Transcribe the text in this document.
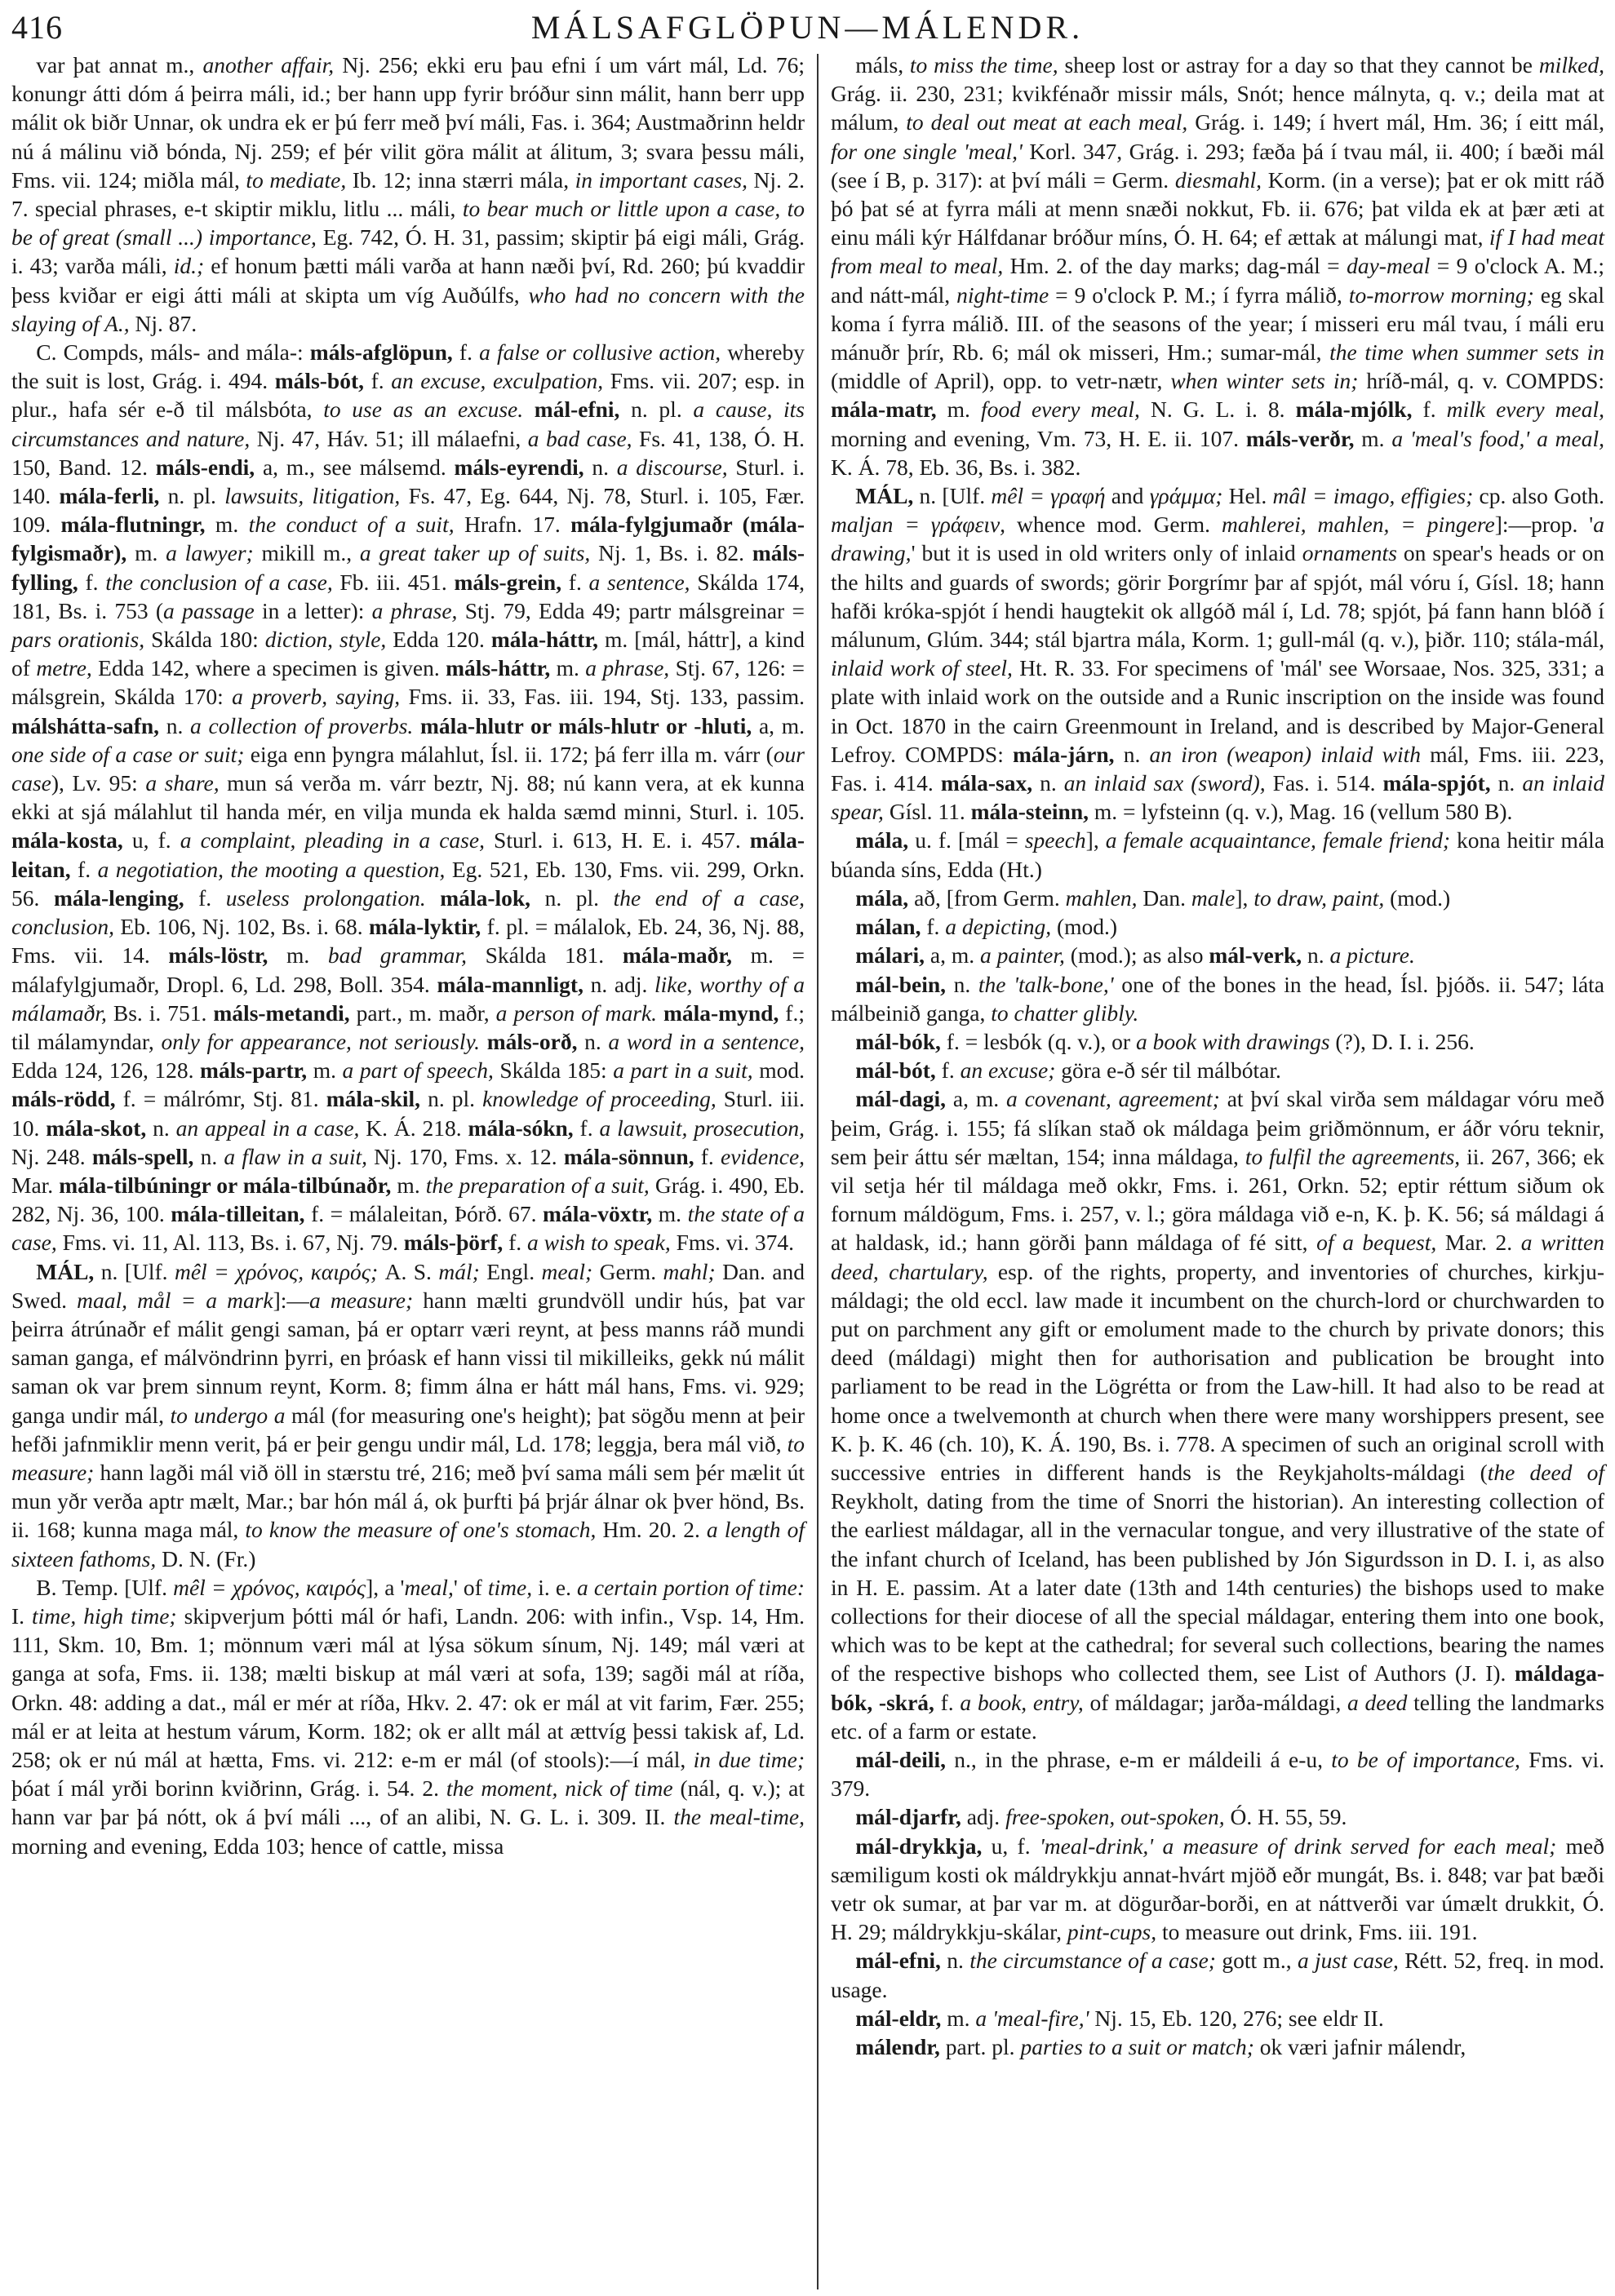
416	MÁLSAFGLÖPUN—MÁLENDR.

var þat annat m., another affair, Nj. 256; ekki eru þau efni í um várt mál, Ld. 76; konungr átti dóm á þeirra máli, id.; ber hann upp fyrir bróður sinn málit, hann berr upp málit ok biðr Unnar, ok undra ek er þú ferr með því máli, Fas. i. 364; Austmaðrinn heldr nú á málinu við bónda, Nj. 259; ef þér vilit göra málit at álitum, 3; svara þessu máli, Fms. vii. 124; miðla mál, to mediate, Ib. 12; inna stærri mála, in important cases, Nj. 2. 7. special phrases, e-t skiptir miklu, litlu ... máli, to bear much or little upon a case, to be of great (small ...) importance, Eg. 742, Ó. H. 31, passim; skiptir þá eigi máli, Grág. i. 43; varða máli, id.; ef honum þætti máli varða at hann næði því, Rd. 260; þú kvaddir þess kviðar er eigi átti máli at skipta um víg Auðúlfs, who had no concern with the slaying of A., Nj. 87.

C. Compds, máls- and mála-: máls-afglöpun, f. a false or collusive action, whereby the suit is lost, Grág. i. 494. máls-bót, f. an excuse, exculpation, Fms. vii. 207; esp. in plur., hafa sér e-ð til málsbóta, to use as an excuse. mál-efni, n. pl. a cause, its circumstances and nature, Nj. 47, Háv. 51; ill málaefni, a bad case, Fs. 41, 138, Ó. H. 150, Band. 12. máls-endi, a, m., see málsemd. máls-eyrendi, n. a discourse, Sturl. i. 140. mála-ferli, n. pl. lawsuits, litigation, Fs. 47, Eg. 644, Nj. 78, Sturl. i. 105, Fær. 109. mála-flutningr, m. the conduct of a suit, Hrafn. 17. mála-fylgjumaðr (mála-fylgismaðr), m. a lawyer; mikill m., a great taker up of suits, Nj. 1, Bs. i. 82. máls-fylling, f. the conclusion of a case, Fb. iii. 451. máls-grein, f. a sentence, Skálda 174, 181, Bs. i. 753 (a passage in a letter): a phrase, Stj. 79, Edda 49; partr málsgreinar = pars orationis, Skálda 180: diction, style, Edda 120. mála-háttr, m. [mál, háttr], a kind of metre, Edda 142, where a specimen is given. máls-háttr, m. a phrase, Stj. 67, 126: = málsgrein, Skálda 170: a proverb, saying, Fms. ii. 33, Fas. iii. 194, Stj. 133, passim. málshátta-safn, n. a collection of proverbs. mála-hlutr or máls-hlutr or -hluti, a, m. one side of a case or suit; eiga enn þyngra málahlut, Ísl. ii. 172; þá ferr illa m. várr (our case), Lv. 95: a share, mun sá verða m. várr beztr, Nj. 88; nú kann vera, at ek kunna ekki at sjá málahlut til handa mér, en vilja munda ek halda sæmd minni, Sturl. i. 105. mála-kosta, u, f. a complaint, pleading in a case, Sturl. i. 613, H. E. i. 457. mála-leitan, f. a negotiation, the mooting a question, Eg. 521, Eb. 130, Fms. vii. 299, Orkn. 56. mála-lenging, f. useless prolongation. mála-lok, n. pl. the end of a case, conclusion, Eb. 106, Nj. 102, Bs. i. 68. mála-lyktir, f. pl. = málalok, Eb. 24, 36, Nj. 88, Fms. vii. 14. máls-löstr, m. bad grammar, Skálda 181. mála-maðr, m. = málafylgjumaðr, Dropl. 6, Ld. 298, Boll. 354. mála-mannligt, n. adj. like, worthy of a málamaðr, Bs. i. 751. máls-metandi, part., m. maðr, a person of mark. mála-mynd, f.; til málamyndar, only for appearance, not seriously. máls-orð, n. a word in a sentence, Edda 124, 126, 128. máls-partr, m. a part of speech, Skálda 185: a part in a suit, mod. máls-rödd, f. = málrómr, Stj. 81. mála-skil, n. pl. knowledge of proceeding, Sturl. iii. 10. mála-skot, n. an appeal in a case, K. Á. 218. mála-sókn, f. a lawsuit, prosecution, Nj. 248. máls-spell, n. a flaw in a suit, Nj. 170, Fms. x. 12. mála-sönnun, f. evidence, Mar. mála-tilbúningr or mála-tilbúnaðr, m. the preparation of a suit, Grág. i. 490, Eb. 282, Nj. 36, 100. mála-tilleitan, f. = málaleitan, Þórð. 67. mála-vöxtr, m. the state of a case, Fms. vi. 11, Al. 113, Bs. i. 67, Nj. 79. máls-þörf, f. a wish to speak, Fms. vi. 374.

MÁL, n. [Ulf. mêl = χρόνος, καιρός; A. S. mál; Engl. meal; Germ. mahl; Dan. and Swed. maal, mål = a mark]:—a measure; hann mælti grundvöll undir hús, þat var þeirra átrúnaðr ef málit gengi saman, þá er optarr væri reynt, at þess manns ráð mundi saman ganga, ef málvöndrinn þyrri, en þróask ef hann vissi til mikilleiks, gekk nú málit saman ok var þrem sinnum reynt, Korm. 8; fimm álna er hátt mál hans, Fms. vi. 929; ganga undir mál, to undergo a mál (for measuring one's height); þat sögðu menn at þeir hefði jafnmiklir menn verit, þá er þeir gengu undir mál, Ld. 178; leggja, bera mál við, to measure; hann lagði mál við öll in stærstu tré, 216; með því sama máli sem þér mælit út mun yðr verða aptr mælt, Mar.; bar hón mál á, ok þurfti þá þrjár álnar ok þver hönd, Bs. ii. 168; kunna maga mál, to know the measure of one's stomach, Hm. 20. 2. a length of sixteen fathoms, D. N. (Fr.)

B. Temp. [Ulf. mêl = χρόνος, καιρός], a 'meal,' of time, i. e. a certain portion of time: I. time, high time; skipverjum þótti mál ór hafi, Landn. 206: with infin., Vsp. 14, Hm. 111, Skm. 10, Bm. 1; mönnum væri mál at lýsa sökum sínum, Nj. 149; mál væri at ganga at sofa, Fms. ii. 138; mælti biskup at mál væri at sofa, 139; sagði mál at ríða, Orkn. 48: adding a dat., mál er mér at ríða, Hkv. 2. 47: ok er mál at vit farim, Fær. 255; mál er at leita at hestum várum, Korm. 182; ok er allt mál at ættvíg þessi takisk af, Ld. 258; ok er nú mál at hætta, Fms. vi. 212: e-m er mál (of stools):—í mál, in due time; þóat í mál yrði borinn kviðrinn, Grág. i. 54. 2. the moment, nick of time (nál, q. v.); at hann var þar þá nótt, ok á því máli ..., of an alibi, N. G. L. i. 309. II. the meal-time, morning and evening, Edda 103; hence of cattle, missa

máls, to miss the time, sheep lost or astray for a day so that they cannot be milked, Grág. ii. 230, 231; kvikfénaðr missir máls, Snót; hence málnyta, q. v.; deila mat at málum, to deal out meat at each meal, Grág. i. 149; í hvert mál, Hm. 36; í eitt mál, for one single 'meal,' Korl. 347, Grág. i. 293; fæða þá í tvau mál, ii. 400; í bæði mál (see í B, p. 317): at því máli = Germ. diesmahl, Korm. (in a verse); þat er ok mitt ráð þó þat sé at fyrra máli at menn snæði nokkut, Fb. ii. 676; þat vilda ek at þær æti at einu máli kýr Hálfdanar bróður míns, Ó. H. 64; ef ættak at málungi mat, if I had meat from meal to meal, Hm. 2. of the day marks; dag-mál = day-meal = 9 o'clock A. M.; and nátt-mál, night-time = 9 o'clock P. M.; í fyrra málið, to-morrow morning; eg skal koma í fyrra málið. III. of the seasons of the year; í misseri eru mál tvau, í máli eru mánuðr þrír, Rb. 6; mál ok misseri, Hm.; sumar-mál, the time when summer sets in (middle of April), opp. to vetr-nætr, when winter sets in; hríð-mál, q. v. COMPDS: mála-matr, m. food every meal, N. G. L. i. 8. mála-mjólk, f. milk every meal, morning and evening, Vm. 73, H. E. ii. 107. máls-verðr, m. a 'meal's food,' a meal, K. Á. 78, Eb. 36, Bs. i. 382.

MÁL, n. [Ulf. mêl = γραφή and γράμμα; Hel. mâl = imago, effigies; cp. also Goth. maljan = γράφειν, whence mod. Germ. mahlerei, mahlen, = pingere]:—prop. 'a drawing,' but it is used in old writers only of inlaid ornaments on spear's heads or on the hilts and guards of swords; görir Þorgrímr þar af spjót, mál vóru í, Gísl. 18; hann hafði króka-spjót í hendi haugtekit ok allgóð mál í, Ld. 78; spjót, þá fann hann blóð í málunum, Glúm. 344; stál bjartra mála, Korm. 1; gull-mál (q. v.), þiðr. 110; stála-mál, inlaid work of steel, Ht. R. 33. For specimens of 'mál' see Worsaae, Nos. 325, 331; a plate with inlaid work on the outside and a Runic inscription on the inside was found in Oct. 1870 in the cairn Greenmount in Ireland, and is described by Major-General Lefroy. COMPDS: mála-járn, n. an iron (weapon) inlaid with mál, Fms. iii. 223, Fas. i. 414. mála-sax, n. an inlaid sax (sword), Fas. i. 514. mála-spjót, n. an inlaid spear, Gísl. 11. mála-steinn, m. = lyfsteinn (q. v.), Mag. 16 (vellum 580 B).

mála, u. f. [mál = speech], a female acquaintance, female friend; kona heitir mála búanda síns, Edda (Ht.)

mála, að, [from Germ. mahlen, Dan. male], to draw, paint, (mod.)

málan, f. a depicting, (mod.)

málari, a, m. a painter, (mod.); as also mál-verk, n. a picture.

mál-bein, n. the 'talk-bone,' one of the bones in the head, Ísl. þjóðs. ii. 547; láta málbeinið ganga, to chatter glibly.

mál-bók, f. = lesbók (q. v.), or a book with drawings (?), D. I. i. 256.

mál-bót, f. an excuse; göra e-ð sér til málbótar.

mál-dagi, a, m. a covenant, agreement; at því skal virða sem máldagar vóru með þeim, Grág. i. 155; fá slíkan stað ok máldaga þeim griðmönnum, er áðr vóru teknir, sem þeir áttu sér mæltan, 154; inna máldaga, to fulfil the agreements, ii. 267, 366; ek vil setja hér til máldaga með okkr, Fms. i. 261, Orkn. 52; eptir réttum siðum ok fornum máldögum, Fms. i. 257, v. l.; göra máldaga við e-n, K. þ. K. 56; sá máldagi á at haldask, id.; hann görði þann máldaga of fé sitt, of a bequest, Mar. 2. a written deed, chartulary, esp. of the rights, property, and inventories of churches, kirkju-máldagi; the old eccl. law made it incumbent on the church-lord or churchwarden to put on parchment any gift or emolument made to the church by private donors; this deed (máldagi) might then for authorisation and publication be brought into parliament to be read in the Lögrétta or from the Law-hill. It had also to be read at home once a twelvemonth at church when there were many worshippers present, see K. þ. K. 46 (ch. 10), K. Á. 190, Bs. i. 778. A specimen of such an original scroll with successive entries in different hands is the Reykjaholts-máldagi (the deed of Reykholt, dating from the time of Snorri the historian). An interesting collection of the earliest máldagar, all in the vernacular tongue, and very illustrative of the state of the infant church of Iceland, has been published by Jón Sigurdsson in D. I. i, as also in H. E. passim. At a later date (13th and 14th centuries) the bishops used to make collections for their diocese of all the special máldagar, entering them into one book, which was to be kept at the cathedral; for several such collections, bearing the names of the respective bishops who collected them, see List of Authors (J. I). máldaga-bók, -skrá, f. a book, entry, of máldagar; jarða-máldagi, a deed telling the landmarks etc. of a farm or estate.

mál-deili, n., in the phrase, e-m er máldeili á e-u, to be of importance, Fms. vi. 379.

mál-djarfr, adj. free-spoken, out-spoken, Ó. H. 55, 59.

mál-drykkja, u, f. 'meal-drink,' a measure of drink served for each meal; með sæmiligum kosti ok máldrykkju annat-hvárt mjöð eðr mungát, Bs. i. 848; var þat bæði vetr ok sumar, at þar var m. at dögurðar-borði, en at náttverði var úmælt drukkit, Ó. H. 29; máldrykkju-skálar, pint-cups, to measure out drink, Fms. iii. 191.

mál-efni, n. the circumstance of a case; gott m., a just case, Rétt. 52, freq. in mod. usage.

mál-eldr, m. a 'meal-fire,' Nj. 15, Eb. 120, 276; see eldr II.

málendr, part. pl. parties to a suit or match; ok væri jafnir málendr,
